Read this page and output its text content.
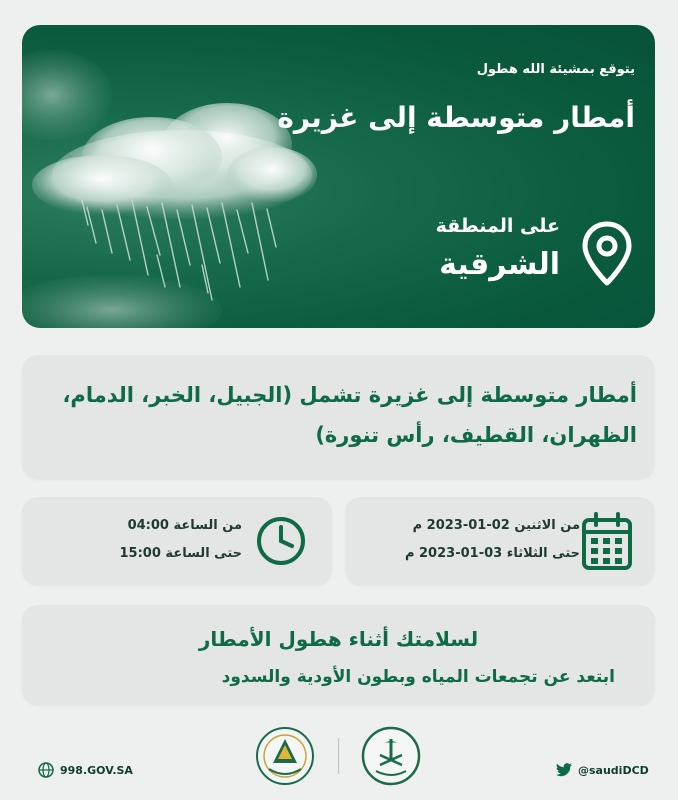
يتوقع بمشيئة الله هطول

أمطار متوسطة إلى غزيرة

على المنطقة
الشرقية

أمطار متوسطة إلى غزيرة تشمل (الجبيل، الخبر، الدمام، الظهران، القطيف، رأس تنورة)

من الاثنين 02-01-2023 م
حتى الثلاثاء 03-01-2023 م
من الساعة 04:00
حتى الساعة 15:00
لسلامتك أثناء هطول الأمطار
ابتعد عن تجمعات المياه وبطون الأودية والسدود
998.GOV.SA	@saudiDCD
